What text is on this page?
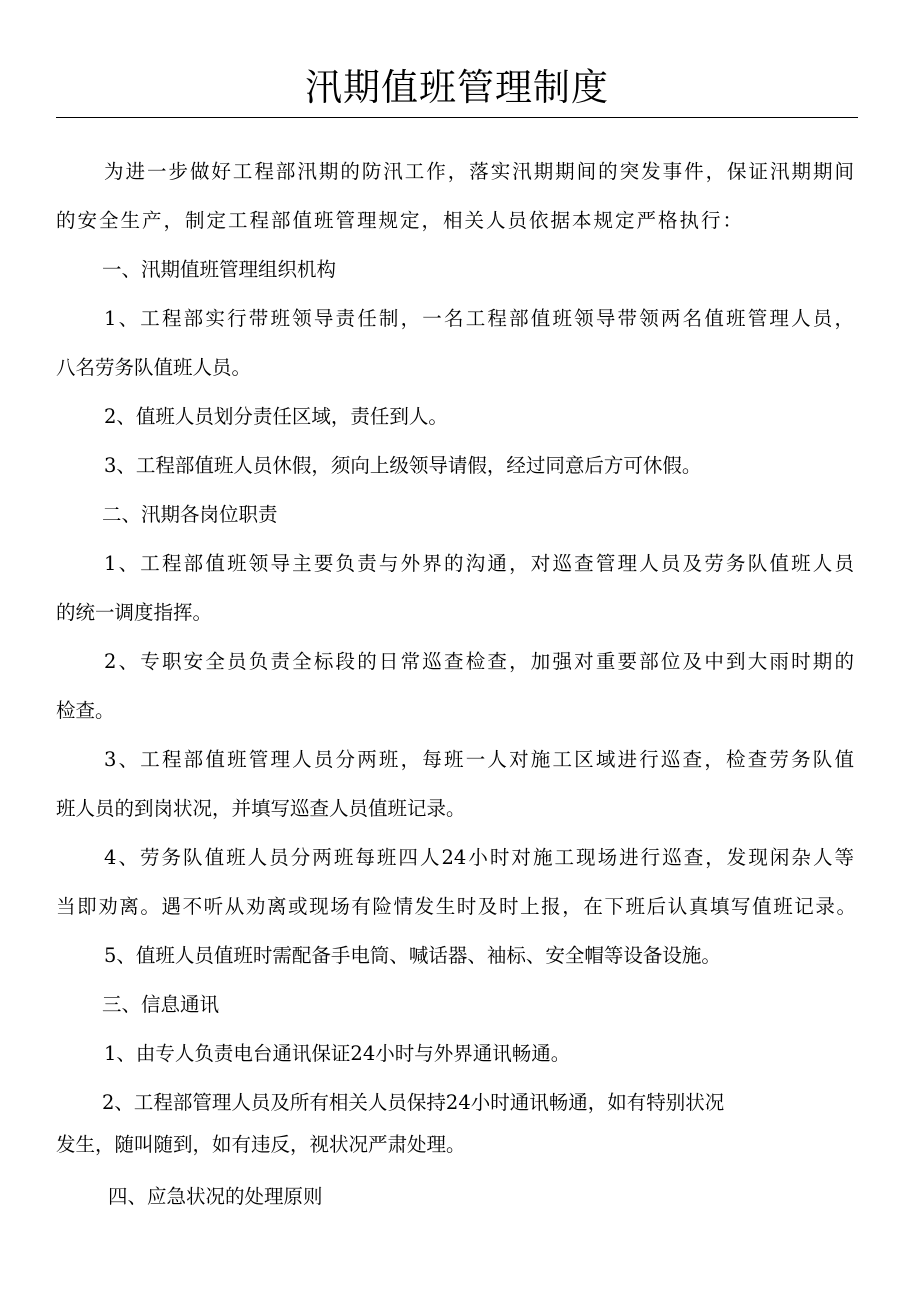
汛期值班管理制度

为进一步做好工程部汛期的防汛工作，落实汛期期间的突发事件，保证汛期期间

的安全生产，制定工程部值班管理规定，相关人员依据本规定严格执行：

一、汛期值班管理组织机构

1、工程部实行带班领导责任制，一名工程部值班领导带领两名值班管理人员，

八名劳务队值班人员。

2、值班人员划分责任区域，责任到人。

3、工程部值班人员休假，须向上级领导请假，经过同意后方可休假。

二、汛期各岗位职责

1、工程部值班领导主要负责与外界的沟通，对巡查管理人员及劳务队值班人员

的统一调度指挥。

2、专职安全员负责全标段的日常巡查检查，加强对重要部位及中到大雨时期的

检查。

3、工程部值班管理人员分两班，每班一人对施工区域进行巡查，检查劳务队值

班人员的到岗状况，并填写巡查人员值班记录。

4、劳务队值班人员分两班每班四人24小时对施工现场进行巡查，发现闲杂人等

当即劝离。遇不听从劝离或现场有险情发生时及时上报，在下班后认真填写值班记录。

5、值班人员值班时需配备手电筒、喊话器、袖标、安全帽等设备设施。

三、信息通讯

1、由专人负责电台通讯保证24小时与外界通讯畅通。

2、工程部管理人员及所有相关人员保持24小时通讯畅通，如有特别状况

发生，随叫随到，如有违反，视状况严肃处理。

四、应急状况的处理原则
